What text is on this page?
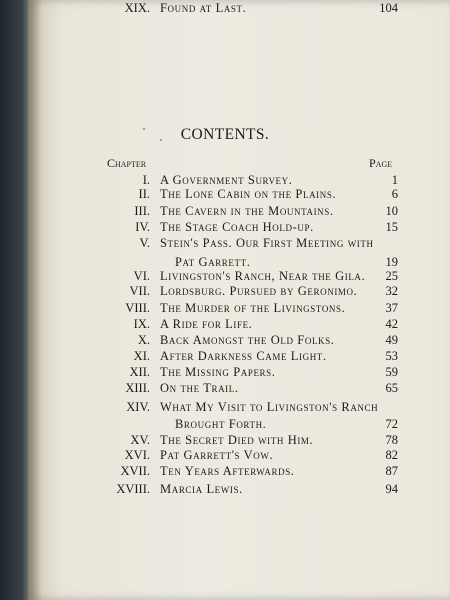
CONTENTS.
Chapter	Page
I. A Government Survey.	1
II. The Lone Cabin on the Plains.	6
III. The Cavern in the Mountains.	10
IV. The Stage Coach Hold-up.	15
V. Stein's Pass. Our First Meeting with
Pat Garrett.	19
VI. Livingston's Ranch, Near the Gila.	25
VII. Lordsburg. Pursued by Geronimo.	32
VIII. The Murder of the Livingstons.	37
IX. A Ride for Life.	42
X. Back Amongst the Old Folks.	49
XI. After Darkness Came Light.	53
XII. The Missing Papers.	59
XIII. On the Trail.	65
XIV. What My Visit to Livingston's Ranch
Brought Forth.	72
XV. The Secret Died with Him.	78
XVI. Pat Garrett's Vow.	82
XVII. Ten Years Afterwards.	87
XVIII. Marcia Lewis.	94
XIX. Found at Last.	104
